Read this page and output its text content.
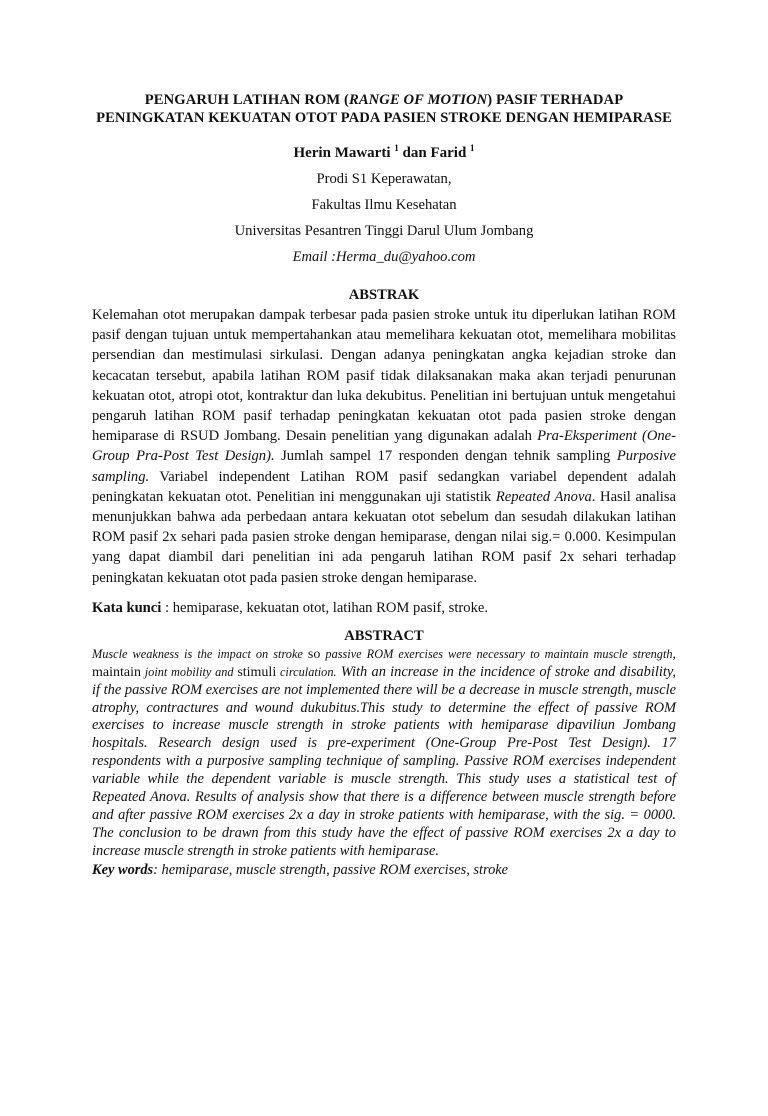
PENGARUH LATIHAN ROM (RANGE OF MOTION) PASIF TERHADAP PENINGKATAN KEKUATAN OTOT PADA PASIEN STROKE DENGAN HEMIPARASE
Herin Mawarti $^1$ dan Farid $^1$
Prodi S1 Keperawatan,
Fakultas Ilmu Kesehatan
Universitas Pesantren Tinggi Darul Ulum Jombang
Email :Herma_du@yahoo.com
ABSTRAK
Kelemahan otot merupakan dampak terbesar pada pasien stroke untuk itu diperlukan latihan ROM pasif dengan tujuan untuk mempertahankan atau memelihara kekuatan otot, memelihara mobilitas persendian dan mestimulasi sirkulasi. Dengan adanya peningkatan angka kejadian stroke dan kecacatan tersebut, apabila latihan ROM pasif tidak dilaksanakan maka akan terjadi penurunan kekuatan otot, atropi otot, kontraktur dan luka dekubitus. Penelitian ini bertujuan untuk mengetahui pengaruh latihan ROM pasif terhadap peningkatan kekuatan otot pada pasien stroke dengan hemiparase di RSUD Jombang. Desain penelitian yang digunakan adalah Pra-Eksperiment (One-Group Pra-Post Test Design). Jumlah sampel 17 responden dengan tehnik sampling Purposive sampling. Variabel independent Latihan ROM pasif sedangkan variabel dependent adalah peningkatan kekuatan otot. Penelitian ini menggunakan uji statistik Repeated Anova. Hasil analisa menunjukkan bahwa ada perbedaan antara kekuatan otot sebelum dan sesudah dilakukan latihan ROM pasif 2x sehari pada pasien stroke dengan hemiparase, dengan nilai sig.= 0.000. Kesimpulan yang dapat diambil dari penelitian ini ada pengaruh latihan ROM pasif 2x sehari terhadap peningkatan kekuatan otot pada pasien stroke dengan hemiparase.
Kata kunci : hemiparase, kekuatan otot, latihan ROM pasif, stroke.
ABSTRACT
Muscle weakness is the impact on stroke so passive ROM exercises were necessary to maintain muscle strength, maintain joint mobility and stimuli circulation. With an increase in the incidence of stroke and disability, if the passive ROM exercises are not implemented there will be a decrease in muscle strength, muscle atrophy, contractures and wound dukubitus.This study to determine the effect of passive ROM exercises to increase muscle strength in stroke patients with hemiparase dipaviliun Jombang hospitals. Research design used is pre-experiment (One-Group Pre-Post Test Design). 17 respondents with a purposive sampling technique of sampling. Passive ROM exercises independent variable while the dependent variable is muscle strength. This study uses a statistical test of Repeated Anova. Results of analysis show that there is a difference between muscle strength before and after passive ROM exercises 2x a day in stroke patients with hemiparase, with the sig. = 0000. The conclusion to be drawn from this study have the effect of passive ROM exercises 2x a day to increase muscle strength in stroke patients with hemiparase.
Key words: hemiparase, muscle strength, passive ROM exercises, stroke
